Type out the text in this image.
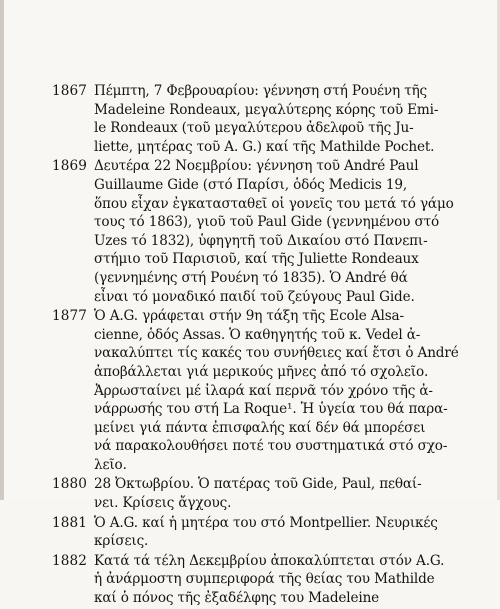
1867 Πέμπτη, 7 Φεβρουαρίου: γέννηση στή Ρουένη τῆς
Madeleine Rondeaux, μεγαλύτερης κόρης τοῦ Emi-
le Rondeaux (τοῦ μεγαλύτερου ἀδελφοῦ τῆς Ju-
liette, μητέρας τοῦ A. G.) καί τῆς Mathilde Pochet.
1869 Δευτέρα 22 Νοεμβρίου: γέννηση τοῦ André Paul
Guillaume Gide (στό Παρίσι, ὁδός Medicis 19,
ὅπου εἶχαν ἐγκατασταθεῖ οἱ γονεῖς του μετά τό γάμο
τους τό 1863), γιοῦ τοῦ Paul Gide (γεννημένου στό
Uzes τό 1832), ὑφηγητῆ τοῦ Δικαίου στό Πανεπι-
στήμιο τοῦ Παρισιοῦ, καί τῆς Juliette Rondeaux
(γεννημένης στή Ρουένη τό 1835). Ὁ André θά
εἶναι τό μοναδικό παιδί τοῦ ζεύγους Paul Gide.
1877 Ὁ A.G. γράφεται στήν 9η τάξη τῆς Ecole Alsa-
cienne, ὁδός Assas. Ὁ καθηγητής τοῦ κ. Vedel ἀ-
νακαλύπτει τίς κακές του συνήθειες καί ἔτσι ὁ André
ἀποβάλλεται γιά μερικούς μῆνες ἀπό τό σχολεῖο.
Ἀρρωσταίνει μέ ἰλαρά καί περνᾶ τόν χρόνο τῆς ἀ-
νάρρωσής του στή La Roque¹. Ἡ ὑγεία του θά παρα-
μείνει γιά πάντα ἐπισφαλής καί δέν θά μπορέσει
νά παρακολουθήσει ποτέ του συστηματικά στό σχο-
λεῖο.
1880 28 Ὀκτωβρίου. Ὁ πατέρας τοῦ Gide, Paul, πεθαί-
νει. Κρίσεις ἄγχους.
1881 Ὁ A.G. καί ἡ μητέρα του στό Montpellier. Νευρικές
κρίσεις.
1882 Κατά τά τέλη Δεκεμβρίου ἀποκαλύπτεται στόν A.G.
ἡ ἀνάρμοστη συμπεριφορά τῆς θείας του Mathilde
καί ὁ πόνος τῆς ἐξαδέλφης του Madeleine
